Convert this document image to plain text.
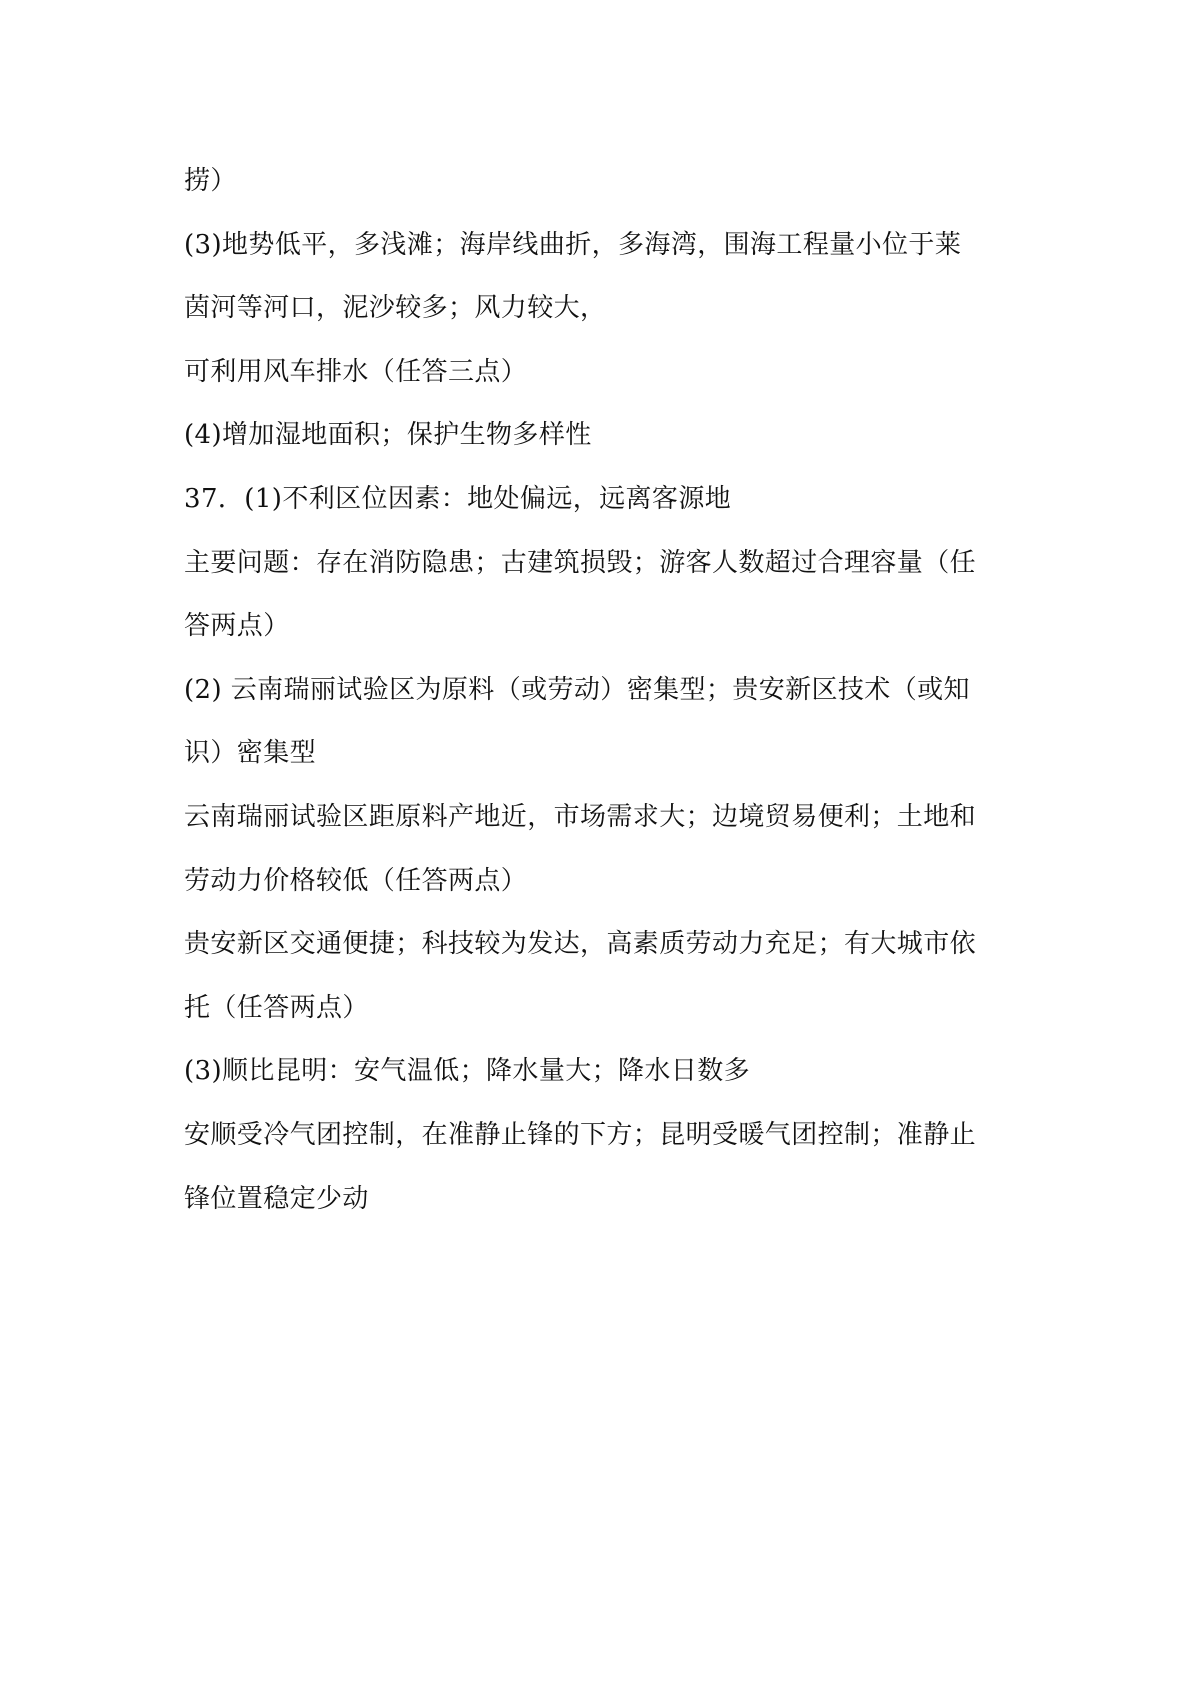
捞）
(3)地势低平，多浅滩；海岸线曲折，多海湾，围海工程量小位于莱
茵河等河口，泥沙较多；风力较大，
可利用风车排水（任答三点）
(4)增加湿地面积；保护生物多样性
37．(1)不利区位因素：地处偏远，远离客源地
主要问题：存在消防隐患；古建筑损毁；游客人数超过合理容量（任
答两点）
(2) 云南瑞丽试验区为原料（或劳动）密集型；贵安新区技术（或知
识）密集型
云南瑞丽试验区距原料产地近，市场需求大；边境贸易便利；土地和
劳动力价格较低（任答两点）
贵安新区交通便捷；科技较为发达，高素质劳动力充足；有大城市依
托（任答两点）
(3)顺比昆明：安气温低；降水量大；降水日数多
安顺受冷气团控制，在准静止锋的下方；昆明受暖气团控制；准静止
锋位置稳定少动
